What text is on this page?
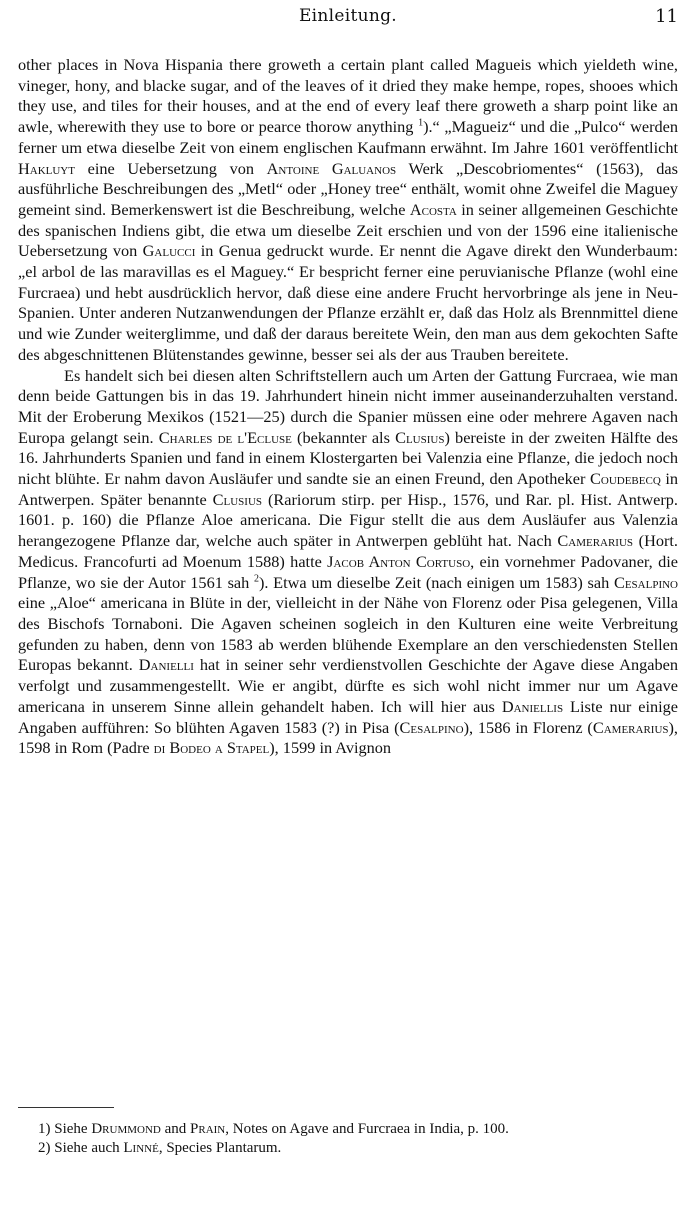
Einleitung.	11

other places in Nova Hispania there groweth a certain plant called Magueis which yieldeth wine, vineger, hony, and blacke sugar, and of the leaves of it dried they make hempe, ropes, shooes which they use, and tiles for their houses, and at the end of every leaf there groweth a sharp point like an awle, wherewith they use to bore or pearce thorow anything $^1$).“ „Magueiz“ und die „Pulco“ werden ferner um etwa dieselbe Zeit von einem englischen Kaufmann erwähnt. Im Jahre 1601 veröffentlicht Hakluyt eine Uebersetzung von Antoine Galuanos Werk „Descobriomentes“ (1563), das ausführliche Beschreibungen des „Metl“ oder „Honey tree“ enthält, womit ohne Zweifel die Maguey gemeint sind. Bemerkenswert ist die Beschreibung, welche Acosta in seiner allgemeinen Geschichte des spanischen Indiens gibt, die etwa um dieselbe Zeit erschien und von der 1596 eine italienische Uebersetzung von Galucci in Genua gedruckt wurde. Er nennt die Agave direkt den Wunderbaum: „el arbol de las maravillas es el Maguey.“ Er bespricht ferner eine peruvianische Pflanze (wohl eine Furcraea) und hebt ausdrücklich hervor, daß diese eine andere Frucht hervorbringe als jene in Neu-Spanien. Unter anderen Nutzanwendungen der Pflanze erzählt er, daß das Holz als Brennmittel diene und wie Zunder weiterglimme, und daß der daraus bereitete Wein, den man aus dem gekochten Safte des abgeschnittenen Blütenstandes gewinne, besser sei als der aus Trauben bereitete.

Es handelt sich bei diesen alten Schriftstellern auch um Arten der Gattung Furcraea, wie man denn beide Gattungen bis in das 19. Jahrhundert hinein nicht immer auseinanderzuhalten verstand. Mit der Eroberung Mexikos (1521—25) durch die Spanier müssen eine oder mehrere Agaven nach Europa gelangt sein. Charles de l'Ecluse (bekannter als Clusius) bereiste in der zweiten Hälfte des 16. Jahrhunderts Spanien und fand in einem Klostergarten bei Valenzia eine Pflanze, die jedoch noch nicht blühte. Er nahm davon Ausläufer und sandte sie an einen Freund, den Apotheker Coudebecq in Antwerpen. Später benannte Clusius (Rariorum stirp. per Hisp., 1576, und Rar. pl. Hist. Antwerp. 1601. p. 160) die Pflanze Aloe americana. Die Figur stellt die aus dem Ausläufer aus Valenzia herangezogene Pflanze dar, welche auch später in Antwerpen geblüht hat. Nach Camerarius (Hort. Medicus. Francofurti ad Moenum 1588) hatte Jacob Anton Cortuso, ein vornehmer Padovaner, die Pflanze, wo sie der Autor 1561 sah $^2$). Etwa um dieselbe Zeit (nach einigen um 1583) sah Cesalpino eine „Aloe“ americana in Blüte in der, vielleicht in der Nähe von Florenz oder Pisa gelegenen, Villa des Bischofs Tornaboni. Die Agaven scheinen sogleich in den Kulturen eine weite Verbreitung gefunden zu haben, denn von 1583 ab werden blühende Exemplare an den verschiedensten Stellen Europas bekannt. Danielli hat in seiner sehr verdienstvollen Geschichte der Agave diese Angaben verfolgt und zusammengestellt. Wie er angibt, dürfte es sich wohl nicht immer nur um Agave americana in unserem Sinne allein gehandelt haben. Ich will hier aus Daniellis Liste nur einige Angaben aufführen: So blühten Agaven 1583 (?) in Pisa (Cesalpino), 1586 in Florenz (Camerarius), 1598 in Rom (Padre di Bodeo a Stapel), 1599 in Avignon

1) Siehe Drummond and Prain, Notes on Agave and Furcraea in India, p. 100.
2) Siehe auch Linné, Species Plantarum.
